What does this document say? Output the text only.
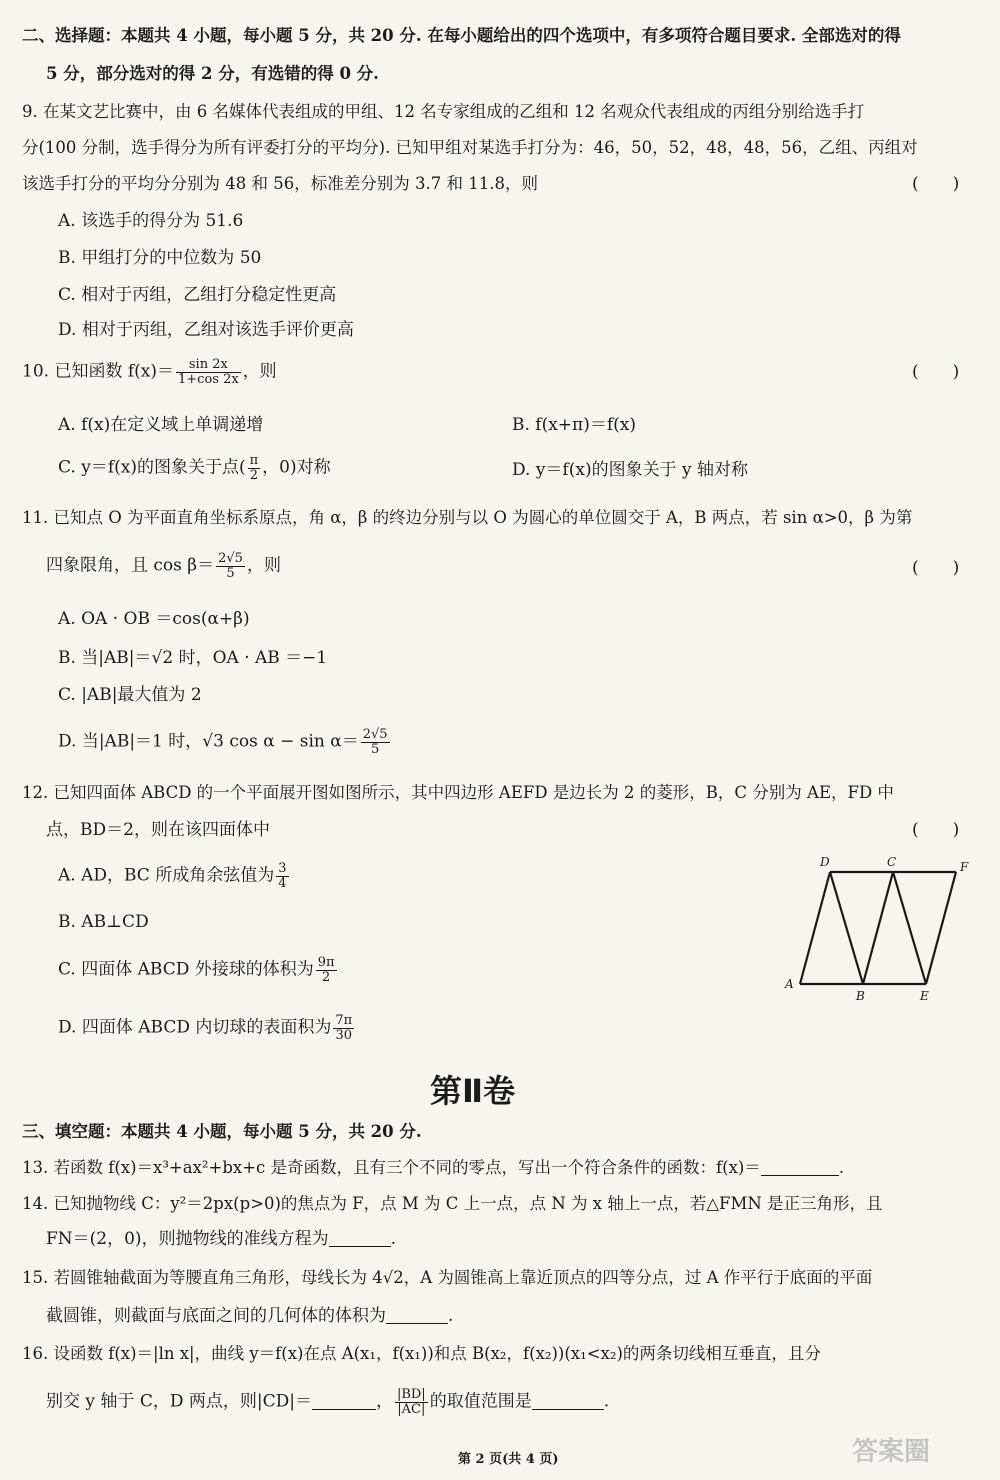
二、选择题：本题共 4 小题，每小题 5 分，共 20 分. 在每小题给出的四个选项中，有多项符合题目要求. 全部选对的得
5 分，部分选对的得 2 分，有选错的得 0 分.
9. 在某文艺比赛中，由 6 名媒体代表组成的甲组、12 名专家组成的乙组和 12 名观众代表组成的丙组分别给选手打
分(100 分制，选手得分为所有评委打分的平均分). 已知甲组对某选手打分为：46，50，52，48，48，56，乙组、丙组对
该选手打分的平均分分别为 48 和 56，标准差分别为 3.7 和 11.8，则	(　　)
A. 该选手的得分为 51.6
B. 甲组打分的中位数为 50
C. 相对于丙组，乙组打分稳定性更高
D. 相对于丙组，乙组对该选手评价更高
10. 已知函数 $f(x)= \frac{\sin 2x}{1+\cos 2x}$ ，则	(　　)
A. f(x)在定义域上单调递增	B. f(x+π)＝f(x)
C. y＝f(x)的图象关于点( $\frac{\pi}{2}$ ，0)对称	D. y＝f(x)的图象关于 y 轴对称
11. 已知点 O 为平面直角坐标系原点，角 α，β 的终边分别与以 O 为圆心的单位圆交于 A，B 两点，若 sin α>0，β 为第
四象限角，且 $\cos \beta= \frac{2√5}{5}$ ，则	(　　)
A. OA · OB ＝cos(α+β)
B. 当|AB|＝√2 时，OA · AB ＝−1
C. |AB|最大值为 2
D. 当|AB|＝1 时，√3 $\cos \alpha - \sin \alpha= \frac{2√5}{5}$
12. 已知四面体 ABCD 的一个平面展开图如图所示，其中四边形 AEFD 是边长为 2 的菱形，B，C 分别为 AE，FD 中
点，BD＝2，则在该四面体中	(　　)
A. AD，BC 所成角余弦值为 $\frac{3}{4}$
B. AB⊥CD
C. 四面体 ABCD 外接球的体积为 $\frac{9\pi}{2}$
D. 四面体 ABCD 内切球的表面积为 $\frac{7\pi}{30}$
D	C	F
A
B	E
第Ⅱ卷
三、填空题：本题共 4 小题，每小题 5 分，共 20 分.
13. 若函数 f(x)＝x³+ax²+bx+c 是奇函数，且有三个不同的零点，写出一个符合条件的函数：f(x)＝	.
14. 已知抛物线 C：y²＝2px(p>0)的焦点为 F，点 M 为 C 上一点，点 N 为 x 轴上一点，若△FMN 是正三角形，且
FN＝(2，0)，则抛物线的准线方程为	.
15. 若圆锥轴截面为等腰直角三角形，母线长为 4√2，A 为圆锥高上靠近顶点的四等分点，过 A 作平行于底面的平面
截圆锥，则截面与底面之间的几何体的体积为	.
16. 设函数 f(x)＝|ln x|，曲线 y＝f(x)在点 A(x₁，f(x₁))和点 B(x₂，f(x₂))(x₁<x₂)的两条切线相互垂直，且分
别交 y 轴于 C，D 两点，则|CD|＝	， $\frac{|BD|}{|AC|}$ 的取值范围是	.
第 2 页(共 4 页)	答案圈
